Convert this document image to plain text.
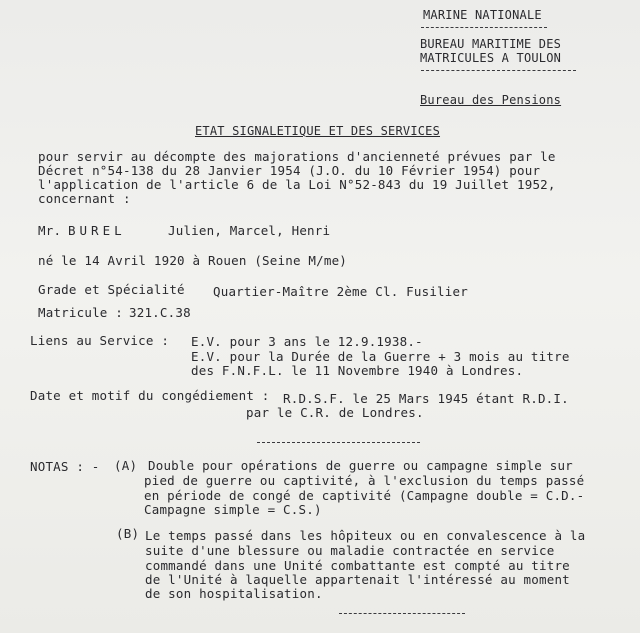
MARINE NATIONALE
BUREAU MARITIME DES
MATRICULES A TOULON
Bureau des Pensions
ETAT SIGNALETIQUE ET DES SERVICES
pour servir au décompte des majorations d'ancienneté prévues par le
Décret n°54-138 du 28 Janvier 1954 (J.O. du 10 Février 1954) pour
l'application de l'article 6 de la Loi N°52-843 du 19 Juillet 1952,
concernant :
Mr. BUREL	Julien, Marcel, Henri
né le 14 Avril 1920 à Rouen (Seine M/me)
Grade et Spécialité Quartier-Maître 2ème Cl. Fusilier
Matricule : 321.C.38
Liens au Service : E.V. pour 3 ans le 12.9.1938.-
E.V. pour la Durée de la Guerre + 3 mois au titre
des F.N.F.L. le 11 Novembre 1940 à Londres.
Date et motif du congédiement : R.D.S.F. le 25 Mars 1945 étant R.D.I.
par le C.R. de Londres.
NOTAS : - (A) Double pour opérations de guerre ou campagne simple sur
pied de guerre ou captivité, à l'exclusion du temps passé
en période de congé de captivité (Campagne double = C.D.-
Campagne simple = C.S.)
(B) Le temps passé dans les hôpiteux ou en convalescence à la
suite d'une blessure ou maladie contractée en service
commandé dans une Unité combattante est compté au titre
de l'Unité à laquelle appartenait l'intéressé au moment
de son hospitalisation.
